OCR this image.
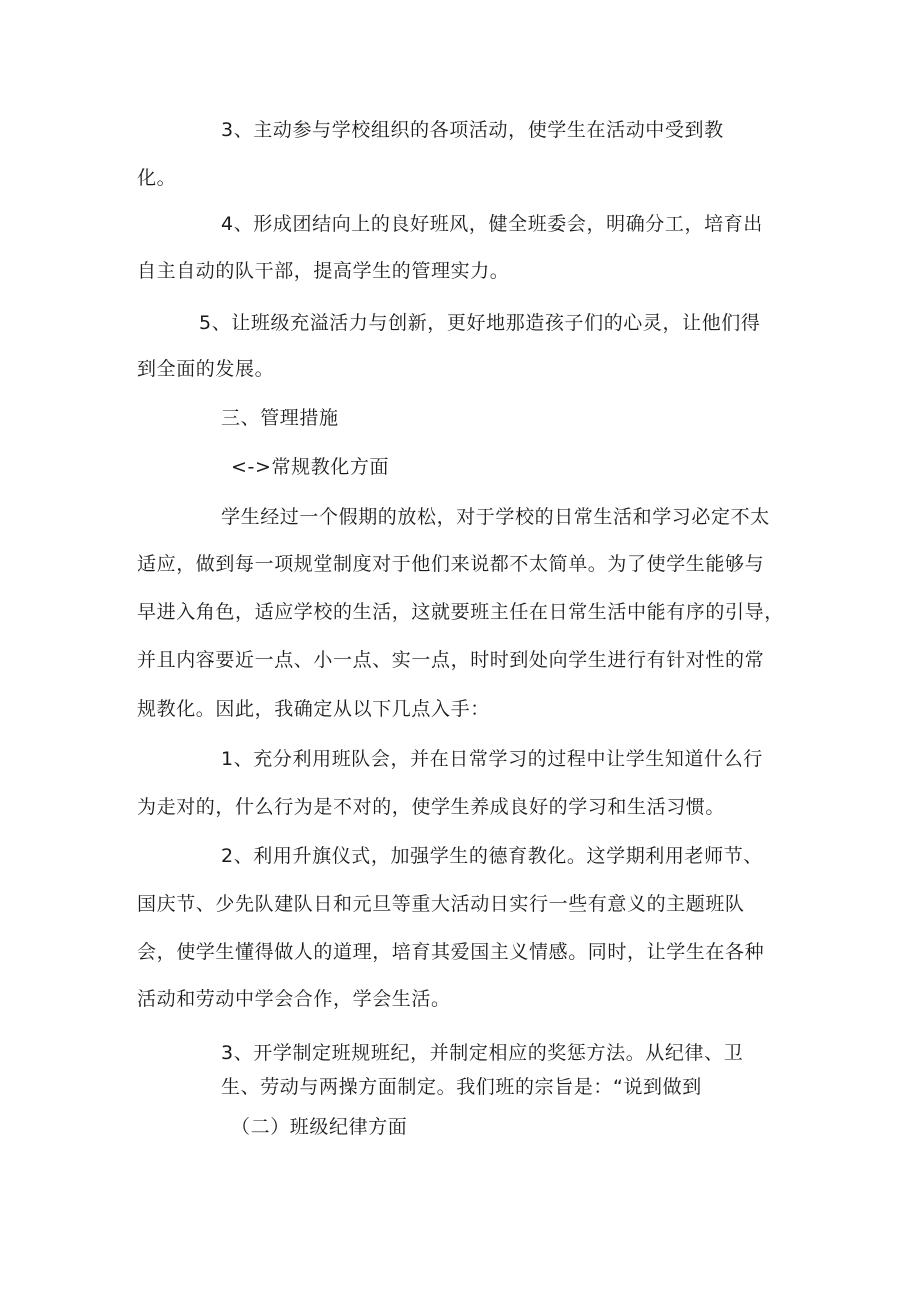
3、主动参与学校组织的各项活动，使学生在活动中受到教
化。
4、形成团结向上的良好班风，健全班委会，明确分工，培育出
自主自动的队干部，提高学生的管理实力。
5、让班级充溢活力与创新，更好地那造孩子们的心灵，让他们得
到全面的发展。
三、管理措施
<->常规教化方面
学生经过一个假期的放松，对于学校的日常生活和学习必定不太
适应，做到每一项规堂制度对于他们来说都不太简单。为了使学生能够与
早进入角色，适应学校的生活，这就要班主任在日常生活中能有序的引导，
并且内容要近一点、小一点、实一点，时时到处向学生进行有针对性的常
规教化。因此，我确定从以下几点入手：
1、充分利用班队会，并在日常学习的过程中让学生知道什么行
为走对的，什么行为是不对的，使学生养成良好的学习和生活习惯。
2、利用升旗仪式，加强学生的德育教化。这学期利用老师节、
国庆节、少先队建队日和元旦等重大活动日实行一些有意义的主题班队
会，使学生懂得做人的道理，培育其爱国主义情感。同时，让学生在各种
活动和劳动中学会合作，学会生活。
3、开学制定班规班纪，并制定相应的奖惩方法。从纪律、卫
生、劳动与两操方面制定。我们班的宗旨是：“说到做到
（二）班级纪律方面
